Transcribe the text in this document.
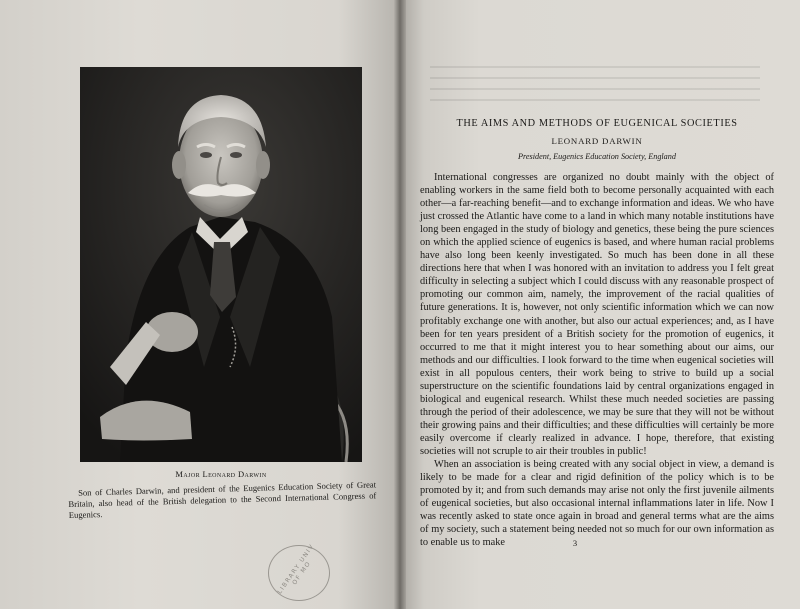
Major Leonard Darwin
Son of Charles Darwin, and president of the Eugenics Education Society of Great Britain, also head of the British delegation to the Second International Congress of Eugenics.
LIBRARY UNIV OF MO
THE AIMS AND METHODS OF EUGENICAL SOCIETIES
LEONARD DARWIN
President, Eugenics Education Society, England

International congresses are organized no doubt mainly with the object of enabling workers in the same field both to become personally acquainted with each other—a far-reaching benefit—and to exchange information and ideas. We who have just crossed the Atlantic have come to a land in which many notable institutions have long been engaged in the study of biology and genetics, these being the pure sciences on which the applied science of eugenics is based, and where human racial problems have also long been keenly investigated. So much has been done in all these directions here that when I was honored with an invitation to address you I felt great difficulty in selecting a subject which I could discuss with any reasonable prospect of promoting our common aim, namely, the improvement of the racial qualities of future generations. It is, however, not only scientific information which we can now profitably exchange one with another, but also our actual experiences; and, as I have been for ten years president of a British society for the promotion of eugenics, it occurred to me that it might interest you to hear something about our aims, our methods and our difficulties. I look forward to the time when eugenical societies will exist in all populous centers, their work being to strive to build up a social superstructure on the scientific foundations laid by central organizations engaged in biological and eugenical research. Whilst these much needed societies are passing through the period of their adolescence, we may be sure that they will not be without their growing pains and their difficulties; and these difficulties will certainly be more easily overcome if clearly realized in advance. I hope, therefore, that existing societies will not scruple to air their troubles in public!

When an association is being created with any social object in view, a demand is likely to be made for a clear and rigid definition of the policy which is to be promoted by it; and from such demands may arise not only the first juvenile ailments of eugenical societies, but also occasional internal inflammations later in life. Now I was recently asked to state once again in broad and general terms what are the aims of my society, such a statement being needed not so much for our own information as to enable us to make	3
